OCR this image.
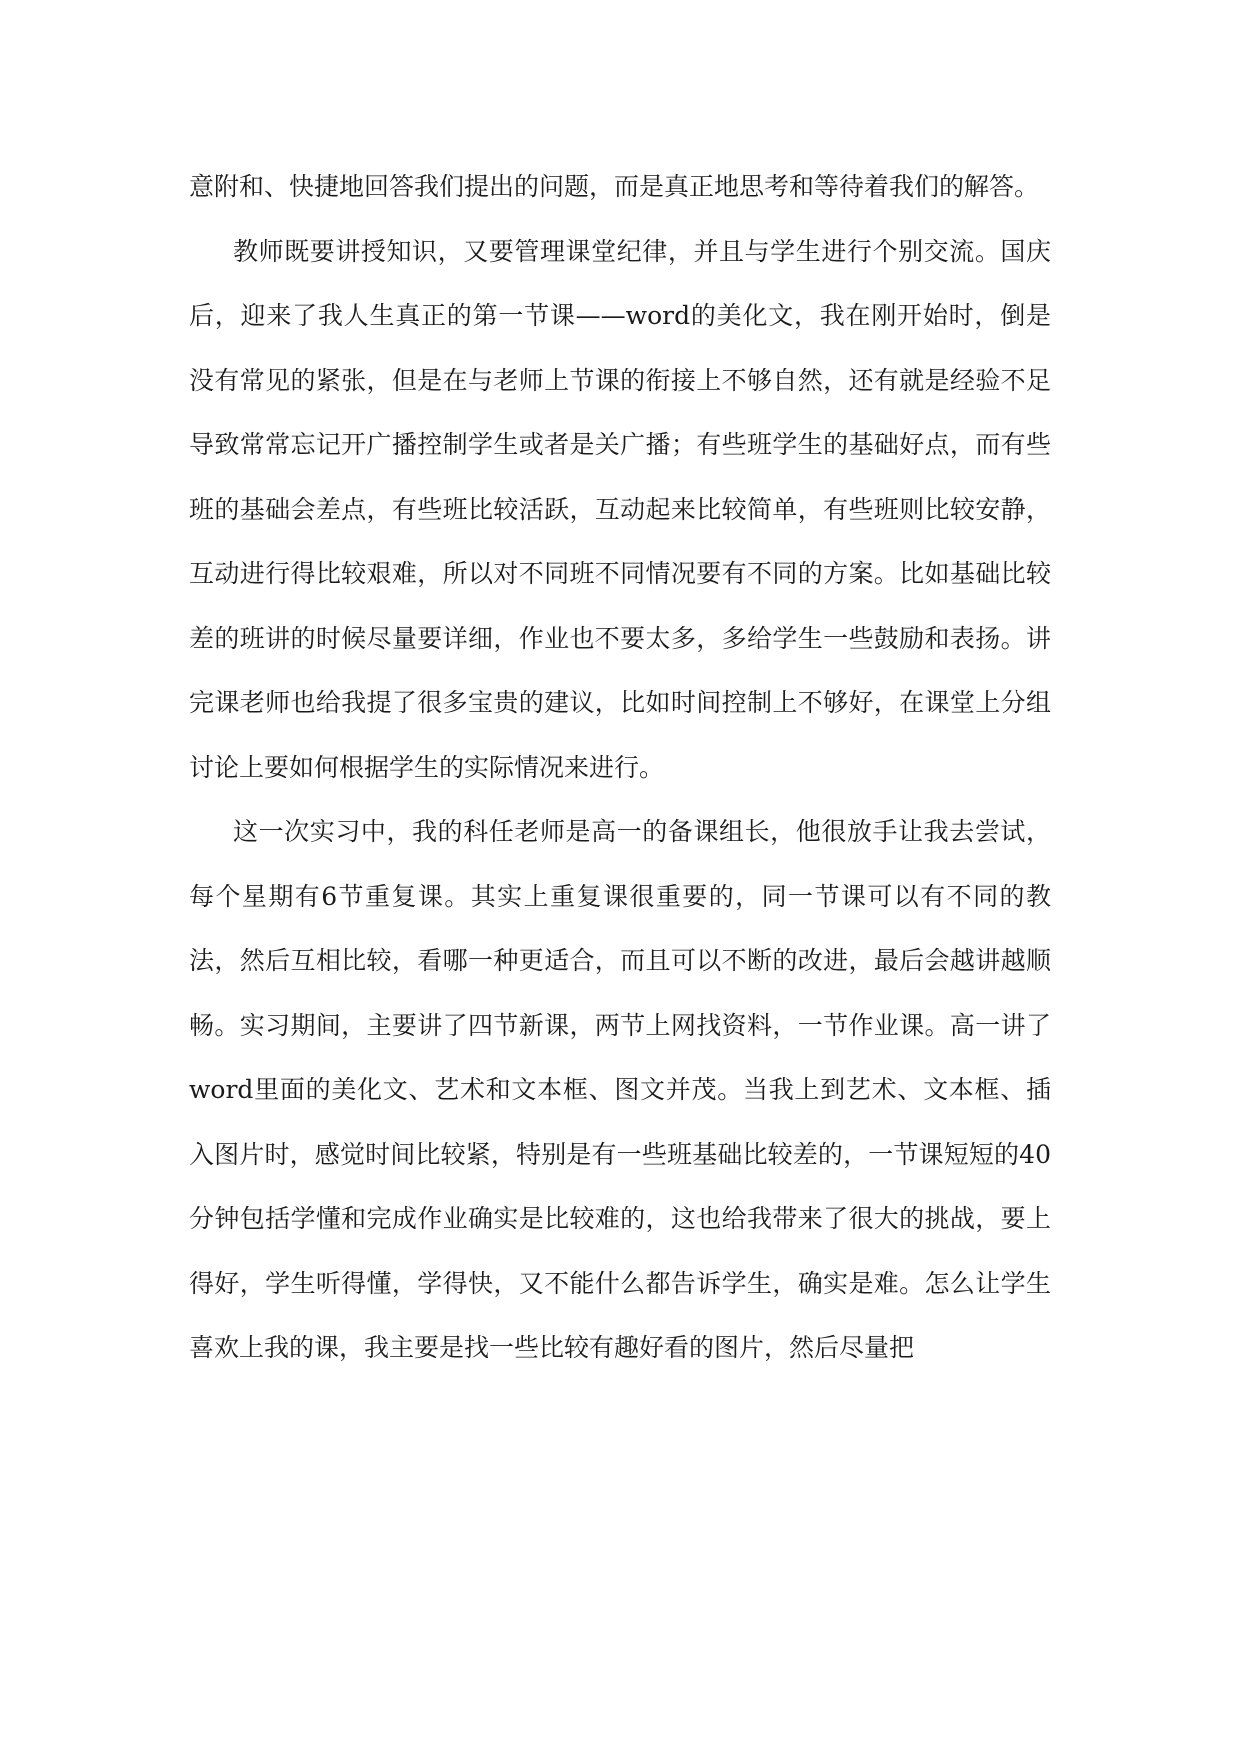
意附和、快捷地回答我们提出的问题，而是真正地思考和等待着我们的解答。

教师既要讲授知识，又要管理课堂纪律，并且与学生进行个别交流。国庆后，迎来了我人生真正的第一节课——word的美化文，我在刚开始时，倒是没有常见的紧张，但是在与老师上节课的衔接上不够自然，还有就是经验不足导致常常忘记开广播控制学生或者是关广播；有些班学生的基础好点，而有些班的基础会差点，有些班比较活跃，互动起来比较简单，有些班则比较安静，互动进行得比较艰难，所以对不同班不同情况要有不同的方案。比如基础比较差的班讲的时候尽量要详细，作业也不要太多，多给学生一些鼓励和表扬。讲完课老师也给我提了很多宝贵的建议，比如时间控制上不够好，在课堂上分组讨论上要如何根据学生的实际情况来进行。

这一次实习中，我的科任老师是高一的备课组长，他很放手让我去尝试，每个星期有6节重复课。其实上重复课很重要的，同一节课可以有不同的教法，然后互相比较，看哪一种更适合，而且可以不断的改进，最后会越讲越顺畅。实习期间，主要讲了四节新课，两节上网找资料，一节作业课。高一讲了word里面的美化文、艺术和文本框、图文并茂。当我上到艺术、文本框、插入图片时，感觉时间比较紧，特别是有一些班基础比较差的，一节课短短的40分钟包括学懂和完成作业确实是比较难的，这也给我带来了很大的挑战，要上得好，学生听得懂，学得快，又不能什么都告诉学生，确实是难。怎么让学生喜欢上我的课，我主要是找一些比较有趣好看的图片，然后尽量把
